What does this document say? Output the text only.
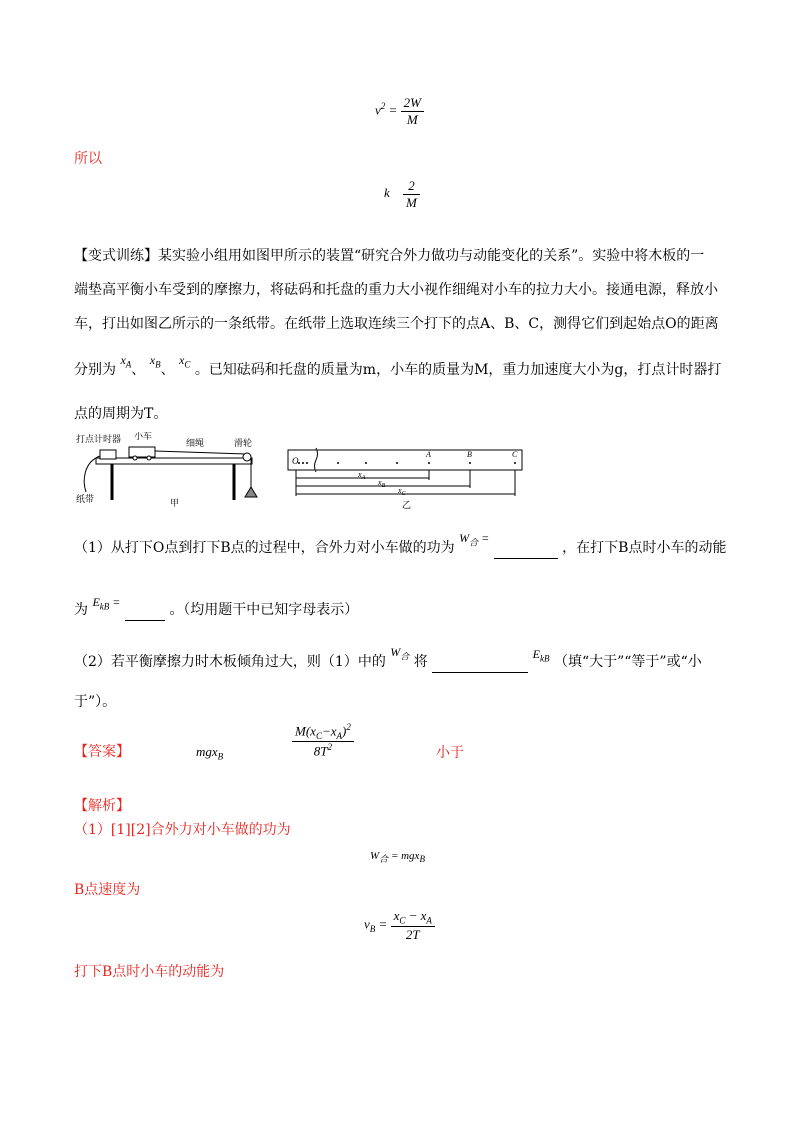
$v^2 = \frac{2W}{M}$
所以
k $\frac{2}{M}$
【变式训练】某实验小组用如图甲所示的装置“研究合外力做功与动能变化的关系”。实验中将木板的一
端垫高平衡小车受到的摩擦力，将砝码和托盘的重力大小视作细绳对小车的拉力大小。接通电源，释放小
车，打出如图乙所示的一条纸带。在纸带上选取连续三个打下的点A、B、C，测得它们到起始点O的距离
分别为 $x_A$、 $x_B$、 $x_C$ 。已知砝码和托盘的质量为m，小车的质量为M，重力加速度大小为g，打点计时器打
点的周期为T。
打点计时器 小车
细绳	滑轮
纸带	甲
O
A	B	C
$x_A$ $x_B$ $x_C$
乙
（1）从打下O点到打下B点的过程中，合外力对小车做的功为 $W_合$ =   ，在打下B点时小车的动能
为 $E_{kB}$ =	。（均用题干中已知字母表示）
（2）若平衡摩擦力时木板倾角过大，则（1）中的 $W_合$ 将	$E_{kB}$ （填“大于”“等于”或“小
于”）。
【答案】	mgx$_B$	$\frac{M(x_C-x_A)^2}{8T^2}$	小于
【解析】
（1）[1][2]合外力对小车做的功为
$W_合 = mgx_B$
B点速度为
$v_B = \frac{x_C - x_A}{2T}$
打下B点时小车的动能为
